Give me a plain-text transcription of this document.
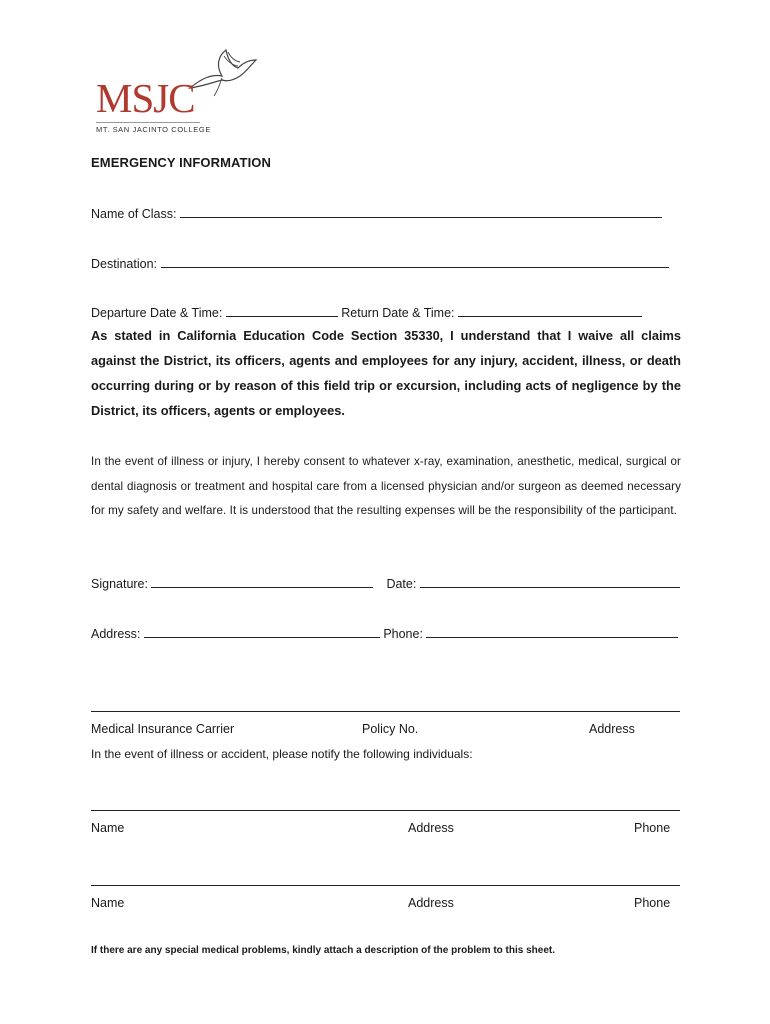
MSJC
MT. SAN JACINTO COLLEGE
EMERGENCY INFORMATION
Name of Class:
Destination:
Departure Date & Time:	Return Date & Time:
As stated in California Education Code Section 35330, I understand that I waive all claims against the District, its officers, agents and employees for any injury, accident, illness, or death occurring during or by reason of this field trip or excursion, including acts of negligence by the District, its officers, agents or employees.
In the event of illness or injury, I hereby consent to whatever x-ray, examination, anesthetic, medical, surgical or dental diagnosis or treatment and hospital care from a licensed physician and/or surgeon as deemed necessary for my safety and welfare. It is understood that the resulting expenses will be the responsibility of the participant.
Signature:	Date:
Address:	Phone:
Medical Insurance Carrier	Policy No.	Address
In the event of illness or accident, please notify the following individuals:
Name	Address	Phone
Name	Address	Phone
If there are any special medical problems, kindly attach a description of the problem to this sheet.
